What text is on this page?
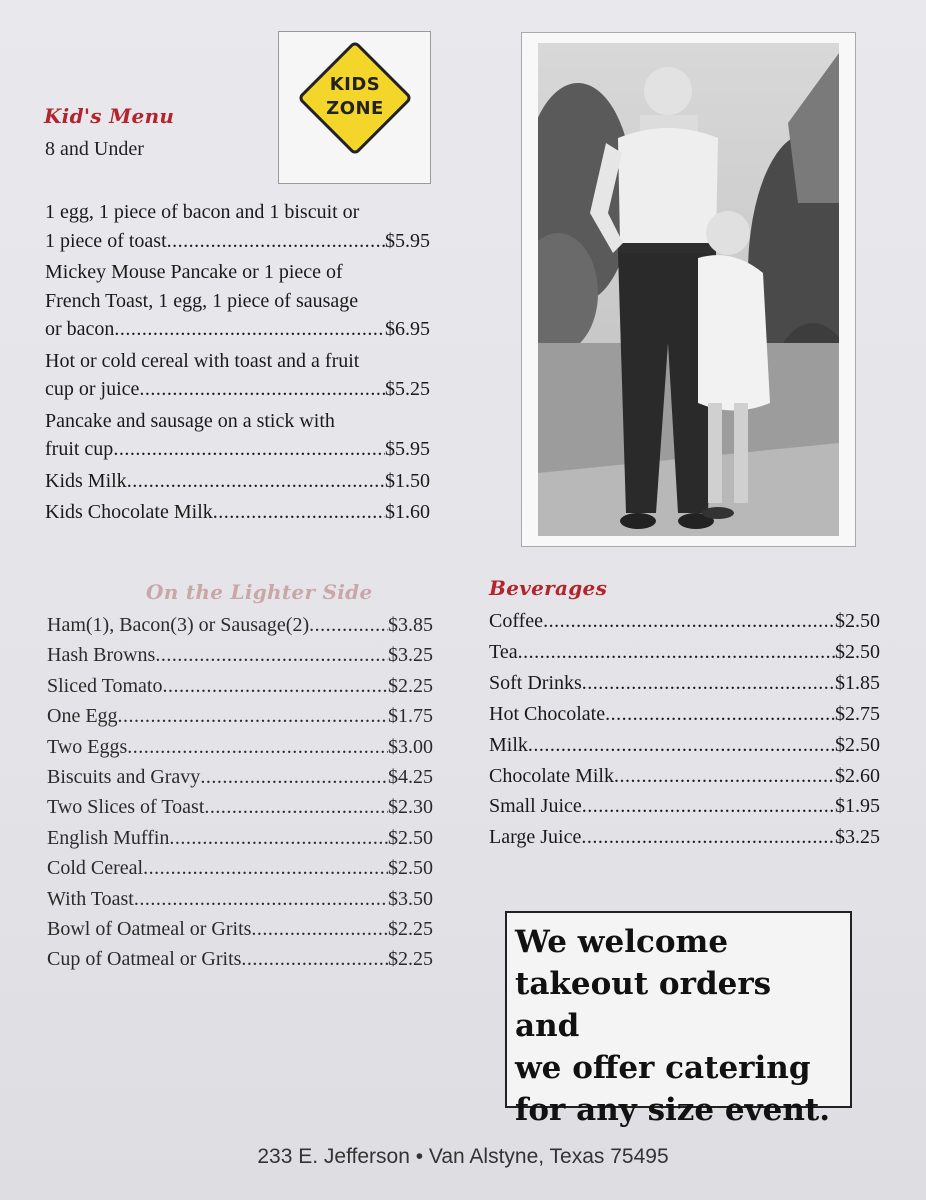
Kid's Menu
8 and Under
1 egg, 1 piece of bacon and 1 biscuit or
1 piece of toast .....	$5.95
Mickey Mouse Pancake or 1 piece of
French Toast, 1 egg, 1 piece of sausage
or bacon .....	$6.95
Hot or cold cereal with toast and a fruit
cup or juice .....	$5.25
Pancake and sausage on a stick with
fruit cup .....	$5.95
Kids Milk .....	$1.50
Kids Chocolate Milk .....	$1.60
KIDS
ZONE
On the Lighter Side
Ham(1), Bacon(3) or Sausage(2) .....	$3.85
Hash Browns .....	$3.25
Sliced Tomato .....	$2.25
One Egg .....	$1.75
Two Eggs .....	$3.00
Biscuits and Gravy .....	$4.25
Two Slices of Toast .....	$2.30
English Muffin .....	$2.50
Cold Cereal .....	$2.50
With Toast .....	$3.50
Bowl of Oatmeal or Grits .....	$2.25
Cup of Oatmeal or Grits .....	$2.25
Beverages
Coffee .....	$2.50
Tea .....	$2.50
Soft Drinks .....	$1.85
Hot Chocolate .....	$2.75
Milk .....	$2.50
Chocolate Milk .....	$2.60
Small Juice .....	$1.95
Large Juice .....	$3.25
We welcome
takeout orders and
we offer catering
for any size event.
233 E. Jefferson • Van Alstyne, Texas 75495
